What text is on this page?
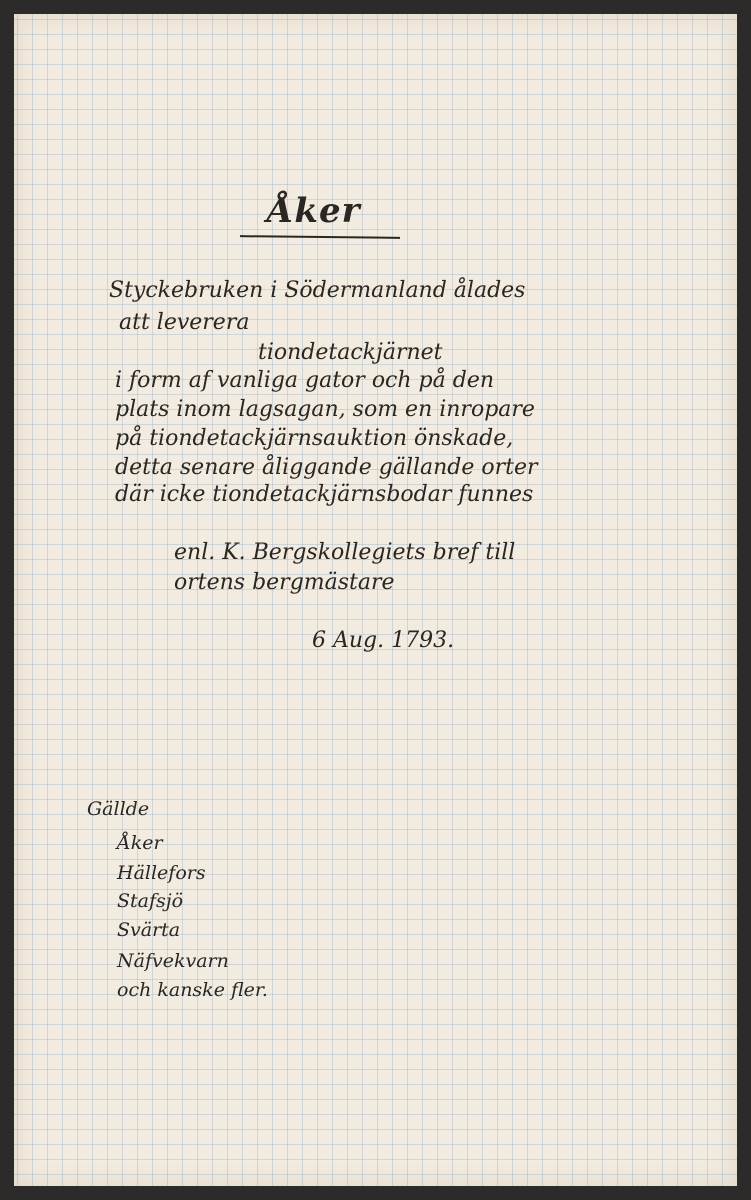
Åker

Styckebruken i Södermanland ålades

att leverera

tiondetackjärnet

i form af vanliga gator och på den

plats inom lagsagan, som en inropare

på tiondetackjärnsauktion önskade,

detta senare åliggande gällande orter

där icke tiondetackjärnsbodar funnes

enl. K. Bergskollegiets bref till

ortens bergmästare

6 Aug. 1793.

Gällde

Åker

Hällefors

Stafsjö

Svärta

Näfvekvarn

och kanske fler.
